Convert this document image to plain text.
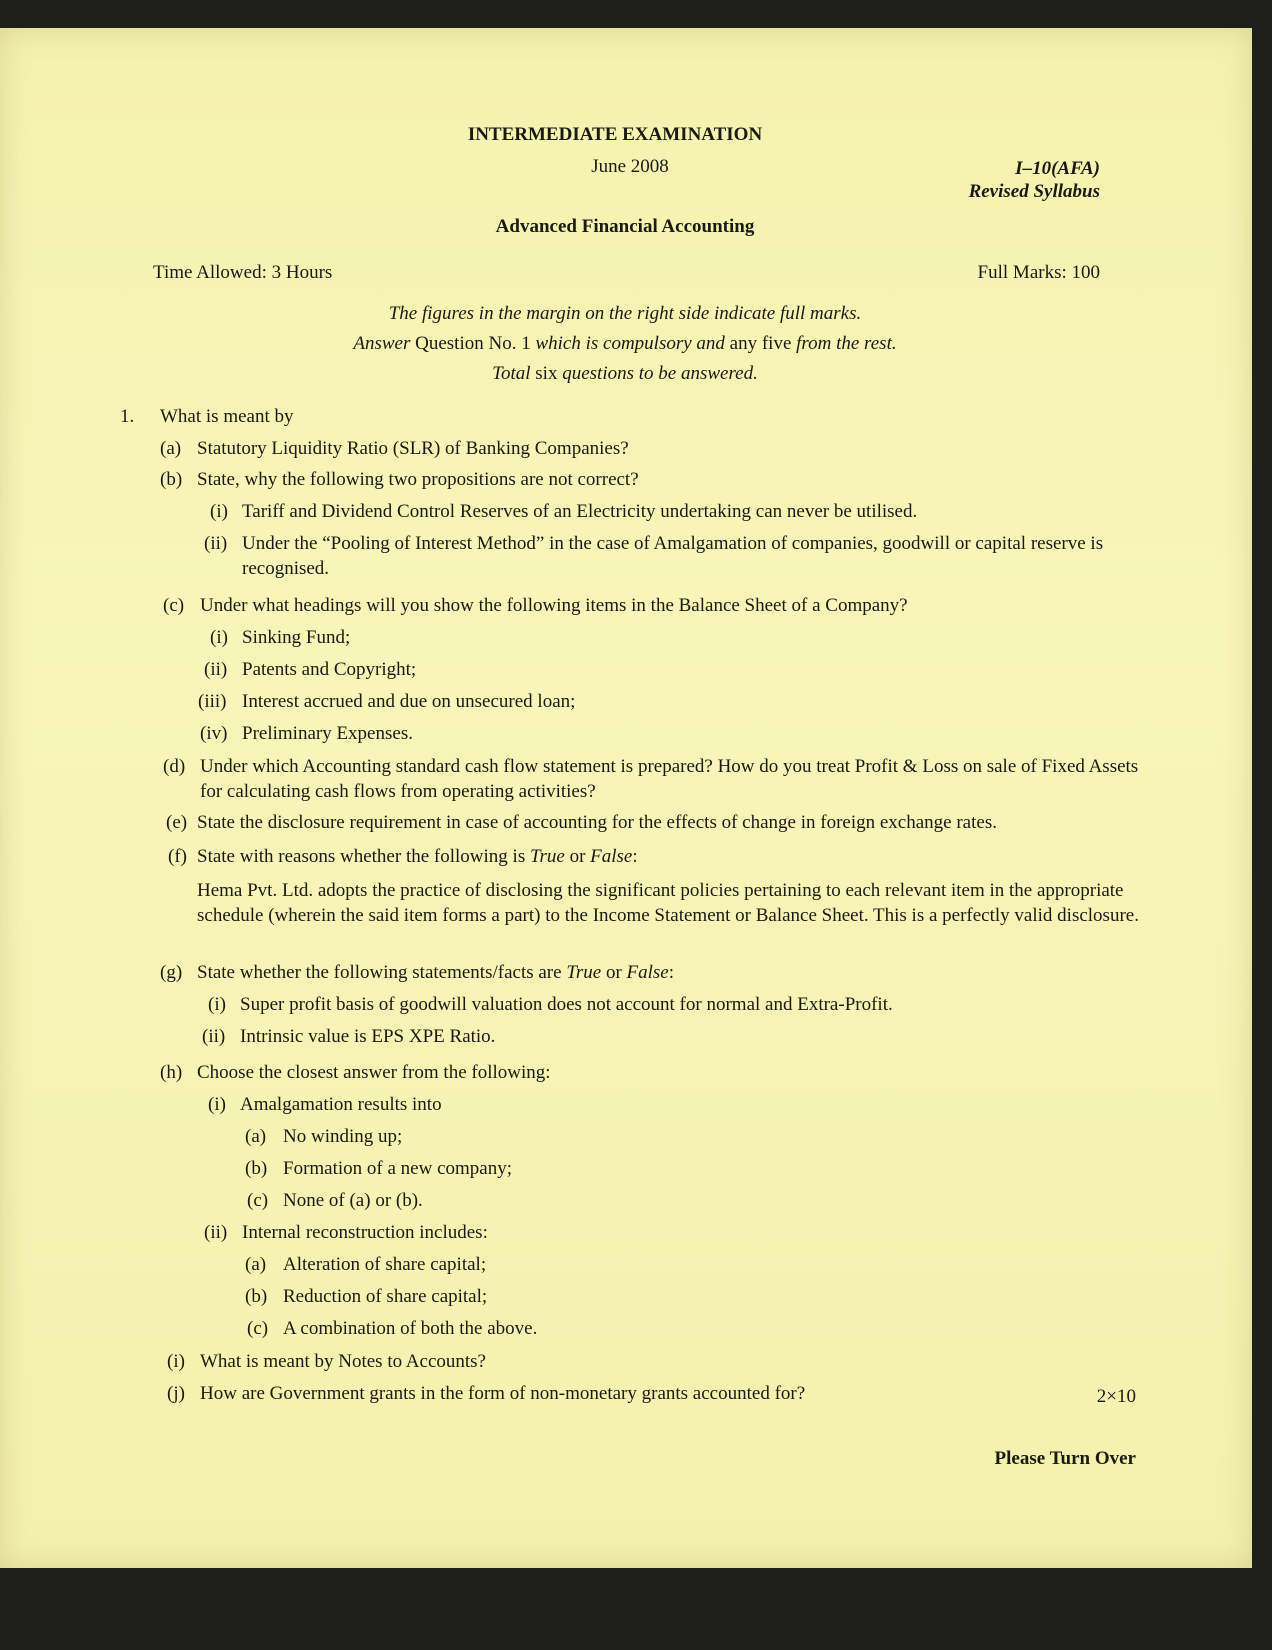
INTERMEDIATE EXAMINATION
June 2008	I–10(AFA)
Revised Syllabus
Advanced Financial Accounting
Time Allowed: 3 Hours	Full Marks: 100
The figures in the margin on the right side indicate full marks.
Answer Question No. 1 which is compulsory and any five from the rest.
Total six questions to be answered.
1. What is meant by
(a) Statutory Liquidity Ratio (SLR) of Banking Companies?
(b) State, why the following two propositions are not correct?
(i) Tariff and Dividend Control Reserves of an Electricity undertaking can never be utilised.
(ii) Under the “Pooling of Interest Method” in the case of Amalgamation of companies, goodwill or capital reserve is recognised.
(c) Under what headings will you show the following items in the Balance Sheet of a Company?
(i) Sinking Fund;
(ii) Patents and Copyright;
(iii) Interest accrued and due on unsecured loan;
(iv) Preliminary Expenses.
(d) Under which Accounting standard cash flow statement is prepared? How do you treat Profit & Loss on sale of Fixed Assets for calculating cash flows from operating activities?
(e) State the disclosure requirement in case of accounting for the effects of change in foreign exchange rates.
(f) State with reasons whether the following is True or False:
Hema Pvt. Ltd. adopts the practice of disclosing the significant policies pertaining to each relevant item in the appropriate schedule (wherein the said item forms a part) to the Income Statement or Balance Sheet. This is a perfectly valid disclosure.
(g) State whether the following statements/facts are True or False:
(i) Super profit basis of goodwill valuation does not account for normal and Extra-Profit.
(ii) Intrinsic value is EPS XPE Ratio.
(h) Choose the closest answer from the following:
(i) Amalgamation results into
(a) No winding up;
(b) Formation of a new company;
(c) None of (a) or (b).
(ii) Internal reconstruction includes:
(a) Alteration of share capital;
(b) Reduction of share capital;
(c) A combination of both the above.
(i) What is meant by Notes to Accounts?
(j) How are Government grants in the form of non-monetary grants accounted for?	2×10
Please Turn Over
